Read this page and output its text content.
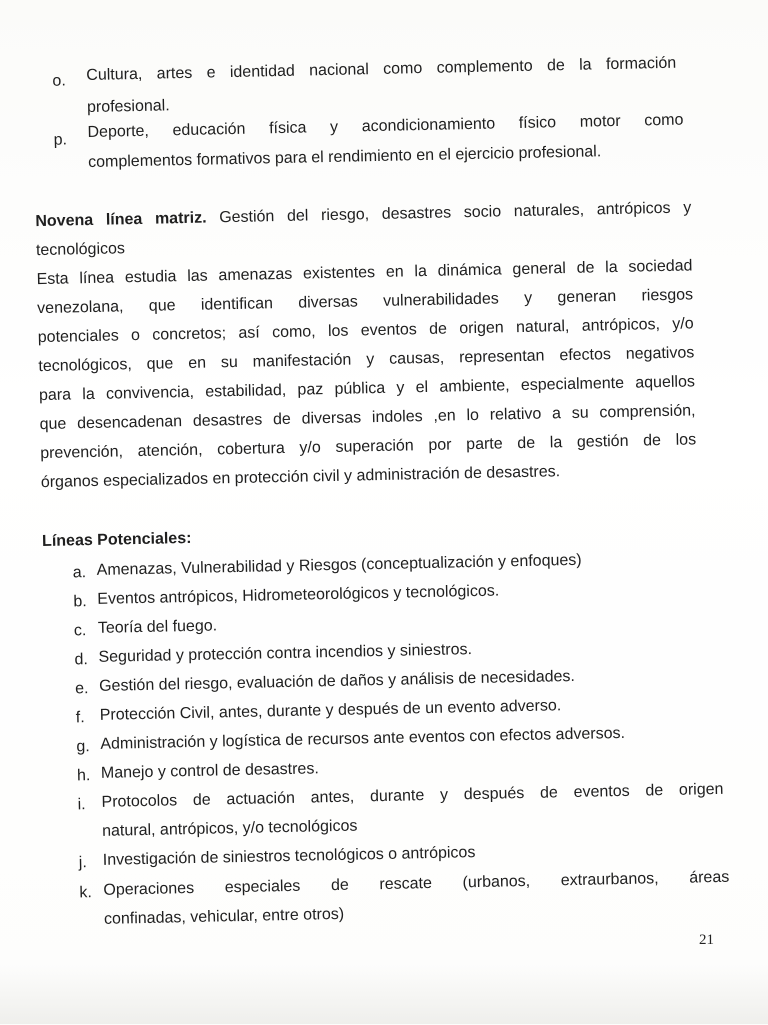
o. Cultura, artes e identidad nacional como complemento de la formación
profesional.
p. Deporte, educación física y acondicionamiento físico motor como
complementos formativos para el rendimiento en el ejercicio profesional.
Novena línea matriz. Gestión del riesgo, desastres socio naturales, antrópicos y
tecnológicos
Esta línea estudia las amenazas existentes en la dinámica general de la sociedad
venezolana, que identifican diversas vulnerabilidades y generan riesgos
potenciales o concretos; así como, los eventos de origen natural, antrópicos, y/o
tecnológicos, que en su manifestación y causas, representan efectos negativos
para la convivencia, estabilidad, paz pública y el ambiente, especialmente aquellos
que desencadenan desastres de diversas indoles ,en lo relativo a su comprensión,
prevención, atención, cobertura y/o superación por parte de la gestión de los
órganos especializados en protección civil y administración de desastres.
Líneas Potenciales:
a. Amenazas, Vulnerabilidad y Riesgos (conceptualización y enfoques)
b. Eventos antrópicos, Hidrometeorológicos y tecnológicos.
c. Teoría del fuego.
d. Seguridad y protección contra incendios y siniestros.
e. Gestión del riesgo, evaluación de daños y análisis de necesidades.
f. Protección Civil, antes, durante y después de un evento adverso.
g. Administración y logística de recursos ante eventos con efectos adversos.
h. Manejo y control de desastres.
i. Protocolos de actuación antes, durante y después de eventos de origen
natural, antrópicos, y/o tecnológicos
j. Investigación de siniestros tecnológicos o antrópicos
k. Operaciones especiales de rescate (urbanos, extraurbanos, áreas
confinadas, vehicular, entre otros)
21
